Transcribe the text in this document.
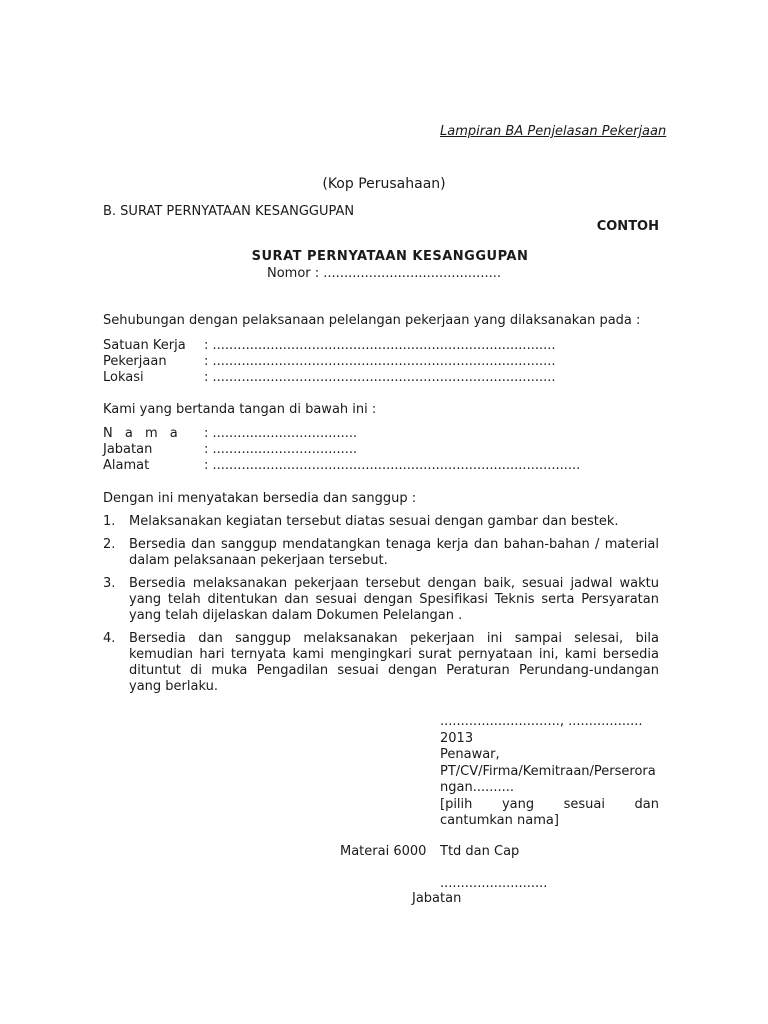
Lampiran BA Penjelasan Pekerjaan
(Kop Perusahaan)
B. SURAT PERNYATAAN KESANGGUPAN
CONTOH
SURAT PERNYATAAN KESANGGUPAN
Nomor : ...........................................
Sehubungan dengan pelaksanaan pelelangan pekerjaan yang dilaksanakan pada :
Satuan Kerja : ...................................................................................
Pekerjaan	: ...................................................................................
Lokasi	: ...................................................................................
Kami yang bertanda tangan di bawah ini :
N a m a : ...................................
Jabatan	: ...................................
Alamat	: .........................................................................................
Dengan ini menyatakan bersedia dan sanggup :
1. Melaksanakan kegiatan tersebut diatas sesuai dengan gambar dan bestek.
2. Bersedia dan sanggup mendatangkan tenaga kerja dan bahan-bahan / material dalam pelaksanaan pekerjaan tersebut.
3. Bersedia melaksanakan pekerjaan tersebut dengan baik, sesuai jadwal waktu yang telah ditentukan dan sesuai dengan Spesifikasi Teknis serta Persyaratan yang telah dijelaskan dalam Dokumen Pelelangan .
4. Bersedia dan sanggup melaksanakan pekerjaan ini sampai selesai, bila kemudian hari ternyata kami mengingkari surat pernyataan ini, kami bersedia dituntut di muka Pengadilan sesuai dengan Peraturan Perundang-undangan yang berlaku.
............................., ..................
2013
Penawar,
PT/CV/Firma/Kemitraan/Perserora
ngan..........
[pilih yang sesuai dan cantumkan nama]
Materai 6000 Ttd dan Cap
..........................
Jabatan
